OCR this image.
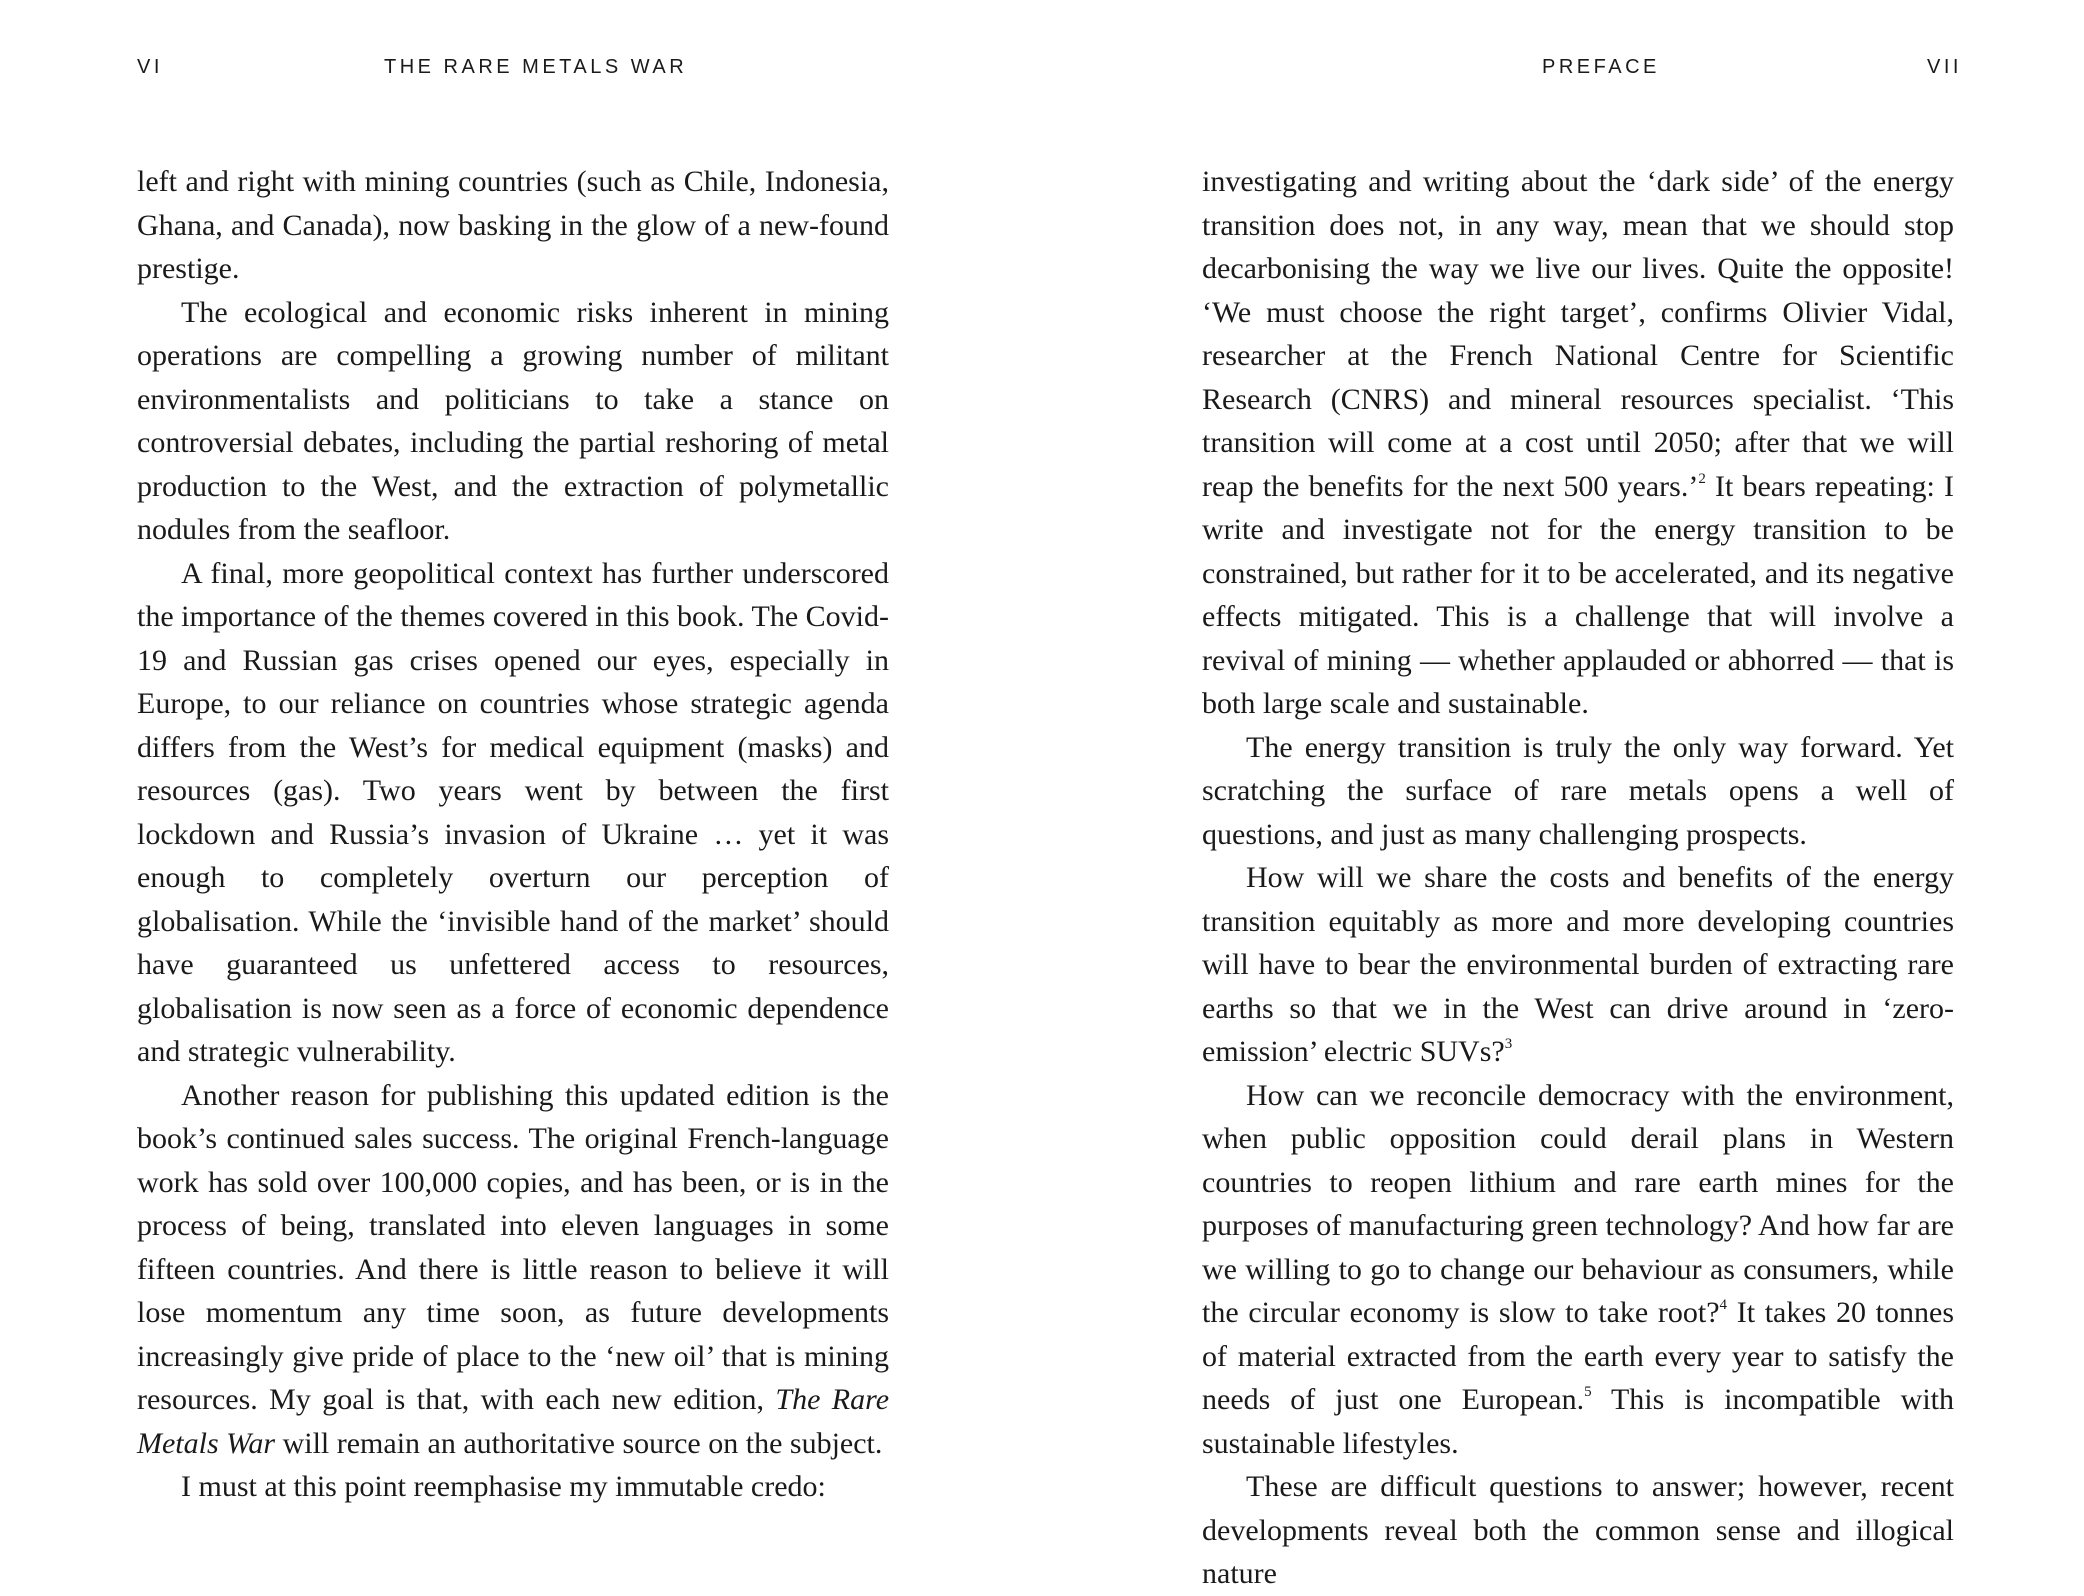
VI	THE RARE METALS WAR

left and right with mining countries (such as Chile, Indonesia, Ghana, and Canada), now basking in the glow of a new-found prestige.

The ecological and economic risks inherent in mining operations are compelling a growing number of militant environmentalists and politicians to take a stance on controversial debates, including the partial reshoring of metal production to the West, and the extraction of polymetallic nodules from the seafloor.

A final, more geopolitical context has further underscored the importance of the themes covered in this book. The Covid-19 and Russian gas crises opened our eyes, especially in Europe, to our reliance on countries whose strategic agenda differs from the West’s for medical equipment (masks) and resources (gas). Two years went by between the first lockdown and Russia’s invasion of Ukraine … yet it was enough to completely overturn our perception of globalisation. While the ‘invisible hand of the market’ should have guaranteed us unfettered access to resources, globalisation is now seen as a force of economic dependence and strategic vulnerability.

Another reason for publishing this updated edition is the book’s continued sales success. The original French-language work has sold over 100,000 copies, and has been, or is in the process of being, translated into eleven languages in some fifteen countries. And there is little reason to believe it will lose momentum any time soon, as future developments increasingly give pride of place to the ‘new oil’ that is mining resources. My goal is that, with each new edition, The Rare Metals War will remain an authoritative source on the subject.

I must at this point reemphasise my immutable credo:

PREFACE	VII

investigating and writing about the ‘dark side’ of the energy transition does not, in any way, mean that we should stop decarbonising the way we live our lives. Quite the opposite! ‘We must choose the right target’, confirms Olivier Vidal, researcher at the French National Centre for Scientific Research (CNRS) and mineral resources specialist. ‘This transition will come at a cost until 2050; after that we will reap the benefits for the next 500 years.’$^2$ It bears repeating: I write and investigate not for the energy transition to be constrained, but rather for it to be accelerated, and its negative effects mitigated. This is a challenge that will involve a revival of mining — whether applauded or abhorred — that is both large scale and sustainable.

The energy transition is truly the only way forward. Yet scratching the surface of rare metals opens a well of questions, and just as many challenging prospects.

How will we share the costs and benefits of the energy transition equitably as more and more developing countries will have to bear the environmental burden of extracting rare earths so that we in the West can drive around in ‘zero-emission’ electric SUVs?$^3$

How can we reconcile democracy with the environment, when public opposition could derail plans in Western countries to reopen lithium and rare earth mines for the purposes of manufacturing green technology? And how far are we willing to go to change our behaviour as consumers, while the circular economy is slow to take root?$^4$ It takes 20 tonnes of material extracted from the earth every year to satisfy the needs of just one European.$^5$ This is incompatible with sustainable lifestyles.

These are difficult questions to answer; however, recent developments reveal both the common sense and illogical nature
